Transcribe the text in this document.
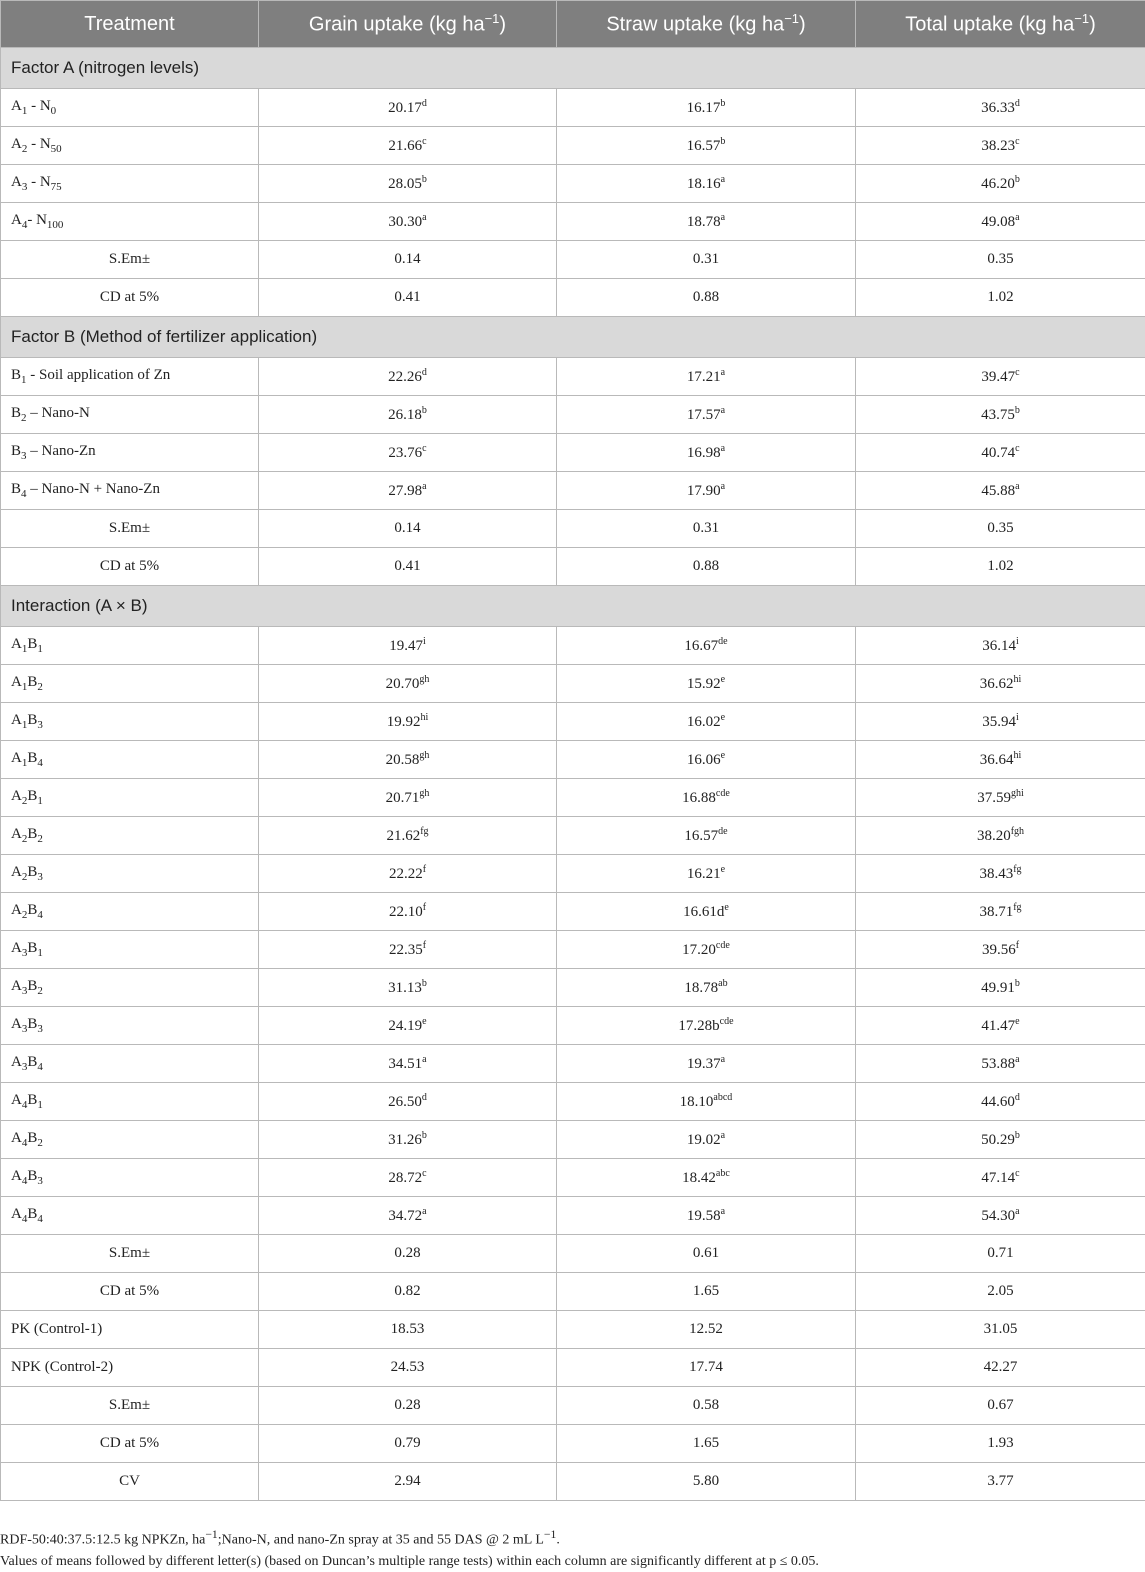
Treatment	Grain uptake (kg $ha^{-1}$)	Straw uptake (kg $ha^{-1}$)	Total uptake (kg $ha^{-1}$)
Factor A (nitrogen levels)			
$A_1 - N_0$	20.17$^d$	16.17$^b$	36.33$^d$
$A_2 - N_{50}$	21.66$^c$	16.57$^b$	38.23$^c$
$A_3 - N_{75}$	28.05$^b$	18.16$^a$	46.20$^b$
$A_4-$ $N_{100}$	30.30$^a$	18.78$^a$	49.08$^a$
S.Em±	0.14	0.31	0.35
CD at 5%	0.41	0.88	1.02
Factor B (Method of fertilizer application)			
$B_1$ - Soil application of Zn	22.26$^d$	17.21$^a$	39.47$^c$
$B_2$ – Nano-N	26.18$^b$	17.57$^a$	43.75$^b$
$B_3$ – Nano-Zn	23.76$^c$	16.98$^a$	40.74$^c$
$B_4$ – Nano-N + Nano-Zn	27.98$^a$	17.90$^a$	45.88$^a$
S.Em±	0.14	0.31	0.35
CD at 5%	0.41	0.88	1.02
Interaction (A × B)			
$A_1B_1$	19.47$^i$	16.67de	36.14$^i$
$A_1B_2$	20.70$^{gh}$	15.92e	$36.62^{hi}$
$A_1B_3$	$19.92^{hi}$	16.02e	35.94$^i$
$A_1B_4$	20.58$^{gh}$	16.06e	$36.64^{hi}$
$A_2B_1$	20.71$^{gh}$	16.88$^{cde}$	$37.59^{ghi}$
$A_2B_2$	21.62$^{fg}$	16.57de	38.20$^{fgh}$
$A_2B_3$	22.22$^f$	16.21e	38.43$^{fg}$
$A_2B_4$	22.10$^f$	$16.61d^e$	38.71$^{fg}$
$A_3B_1$	22.35$^f$	17.20$^{cde}$	39.56$^f$
$A_3B_2$	31.13$^b$	18.78$^{ab}$	49.91$^b$
$A_3B_3$	24.19e	$17.28b^{cde}$	41.47e
$A_3B_4$	34.51$^a$	19.37$^a$	53.88$^a$
$A_4B_1$	26.50$^d$	$18.10^{abcd}$	44.60$^d$
$A_4B_2$	31.26$^b$	19.02$^a$	50.29$^b$
$A_4B_3$	28.72$^c$	18.42$^{abc}$	47.14$^c$
$A_4B_4$	34.72$^a$	19.58$^a$	54.30$^a$
S.Em±	0.28	0.61	0.71
CD at 5%	0.82	1.65	2.05
PK (Control-1)	18.53	12.52	31.05
NPK (Control-2)	24.53	17.74	42.27
S.Em±	0.28	0.58	0.67
CD at 5%	0.79	1.65	1.93
CV	2.94	5.80	3.77
RDF-50:40:37.5:12.5 kg NPKZn, $ha^{-1};Nano-N$, and nano-Zn spray at 35 and 55 DAS @ 2 mL $L^{-1}$.
Values of means followed by different letter(s) (based on Duncan’s multiple range tests) within each column are significantly different at p ≤ 0.05.
